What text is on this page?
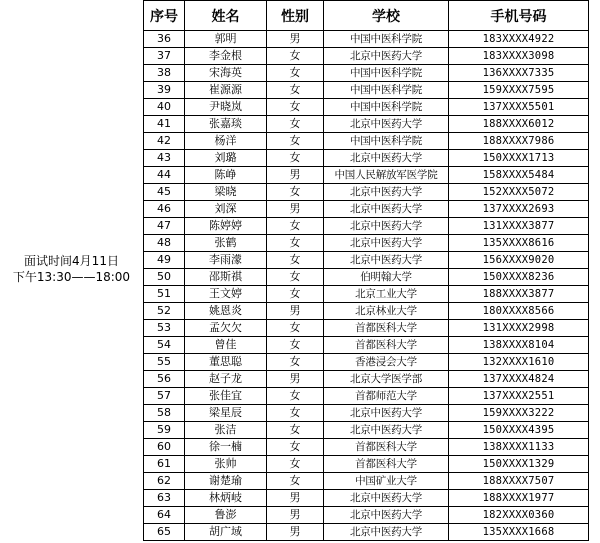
面试时间4月11日
下午13:30——18:00
序号	姓名	性别	学校	手机号码
36	郭明	男	中国中医科学院	183XXXX4922
37	李金根	女	北京中医药大学	183XXXX3098
38	宋海英	女	中国中医科学院	136XXXX7335
39	崔源源	女	中国中医科学院	159XXXX7595
40	尹晓岚	女	中国中医科学院	137XXXX5501
41	张嘉琰	女	北京中医药大学	188XXXX6012
42	杨洋	女	中国中医科学院	188XXXX7986
43	刘璐	女	北京中医药大学	150XXXX1713
44	陈峥	男	中国人民解放军医学院	158XXXX5484
45	梁晓	女	北京中医药大学	152XXXX5072
46	刘深	男	北京中医药大学	137XXXX2693
47	陈婷婷	女	北京中医药大学	131XXXX3877
48	张鹤	女	北京中医药大学	135XXXX8616
49	李雨濛	女	北京中医药大学	156XXXX9020
50	邵斯祺	女	伯明翰大学	150XXXX8236
51	王文婷	女	北京工业大学	188XXXX3877
52	姚恩炎	男	北京林业大学	180XXXX8566
53	孟欠欠	女	首都医科大学	131XXXX2998
54	曾佳	女	首都医科大学	138XXXX8104
55	董思聪	女	香港浸会大学	132XXXX1610
56	赵子龙	男	北京大学医学部	137XXXX4824
57	张佳宜	女	首都师范大学	137XXXX2551
58	梁星辰	女	北京中医药大学	159XXXX3222
59	张洁	女	北京中医药大学	150XXXX4395
60	徐一楠	女	首都医科大学	138XXXX1133
61	张帅	女	首都医科大学	150XXXX1329
62	谢楚瑜	女	中国矿业大学	188XXXX7507
63	林炳岐	男	北京中医药大学	188XXXX1977
64	鲁澎	男	北京中医药大学	182XXXX0360
65	胡广域	男	北京中医药大学	135XXXX1668
